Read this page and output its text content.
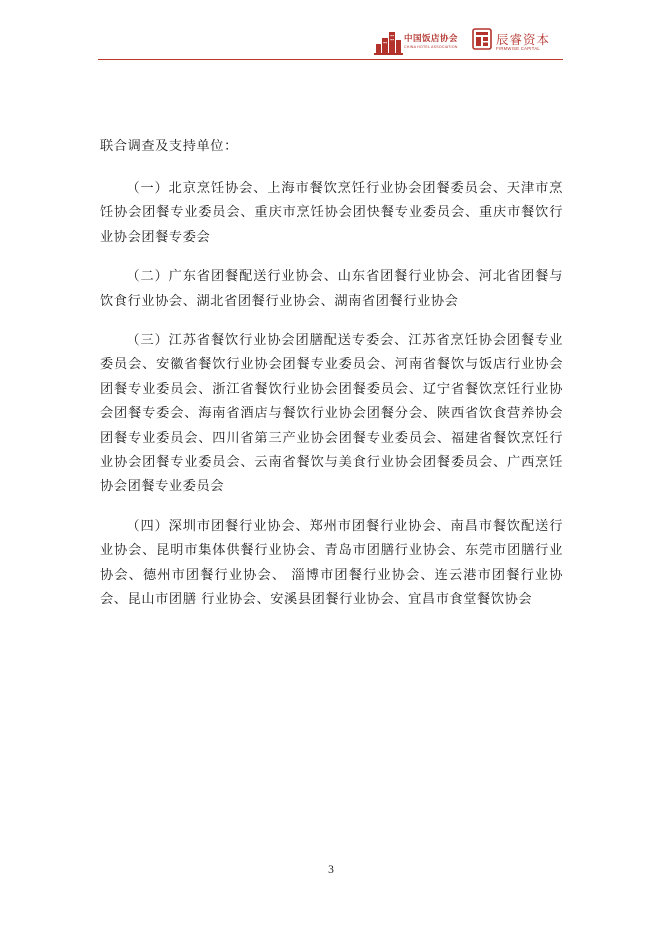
中国饭店协会
CHINA HOTEL ASSOCIATION	辰睿资本
FIRMWISE CAPITAL

联合调查及支持单位：

（一）北京烹饪协会、上海市餐饮烹饪行业协会团餐委员会、天津市烹饪协会团餐专业委员会、重庆市烹饪协会团快餐专业委员会、重庆市餐饮行业协会团餐专委会

（二）广东省团餐配送行业协会、山东省团餐行业协会、河北省团餐与饮食行业协会、湖北省团餐行业协会、湖南省团餐行业协会

（三）江苏省餐饮行业协会团膳配送专委会、江苏省烹饪协会团餐专业委员会、安徽省餐饮行业协会团餐专业委员会、河南省餐饮与饭店行业协会团餐专业委员会、浙江省餐饮行业协会团餐委员会、辽宁省餐饮烹饪行业协会团餐专委会、海南省酒店与餐饮行业协会团餐分会、陕西省饮食营养协会团餐专业委员会、四川省第三产业协会团餐专业委员会、福建省餐饮烹饪行业协会团餐专业委员会、云南省餐饮与美食行业协会团餐委员会、广西烹饪协会团餐专业委员会

（四）深圳市团餐行业协会、郑州市团餐行业协会、南昌市餐饮配送行业协会、昆明市集体供餐行业协会、青岛市团膳行业协会、东莞市团膳行业协会、德州市团餐行业协会、 淄博市团餐行业协会、连云港市团餐行业协会、昆山市团膳 行业协会、安溪县团餐行业协会、宜昌市食堂餐饮协会

3
